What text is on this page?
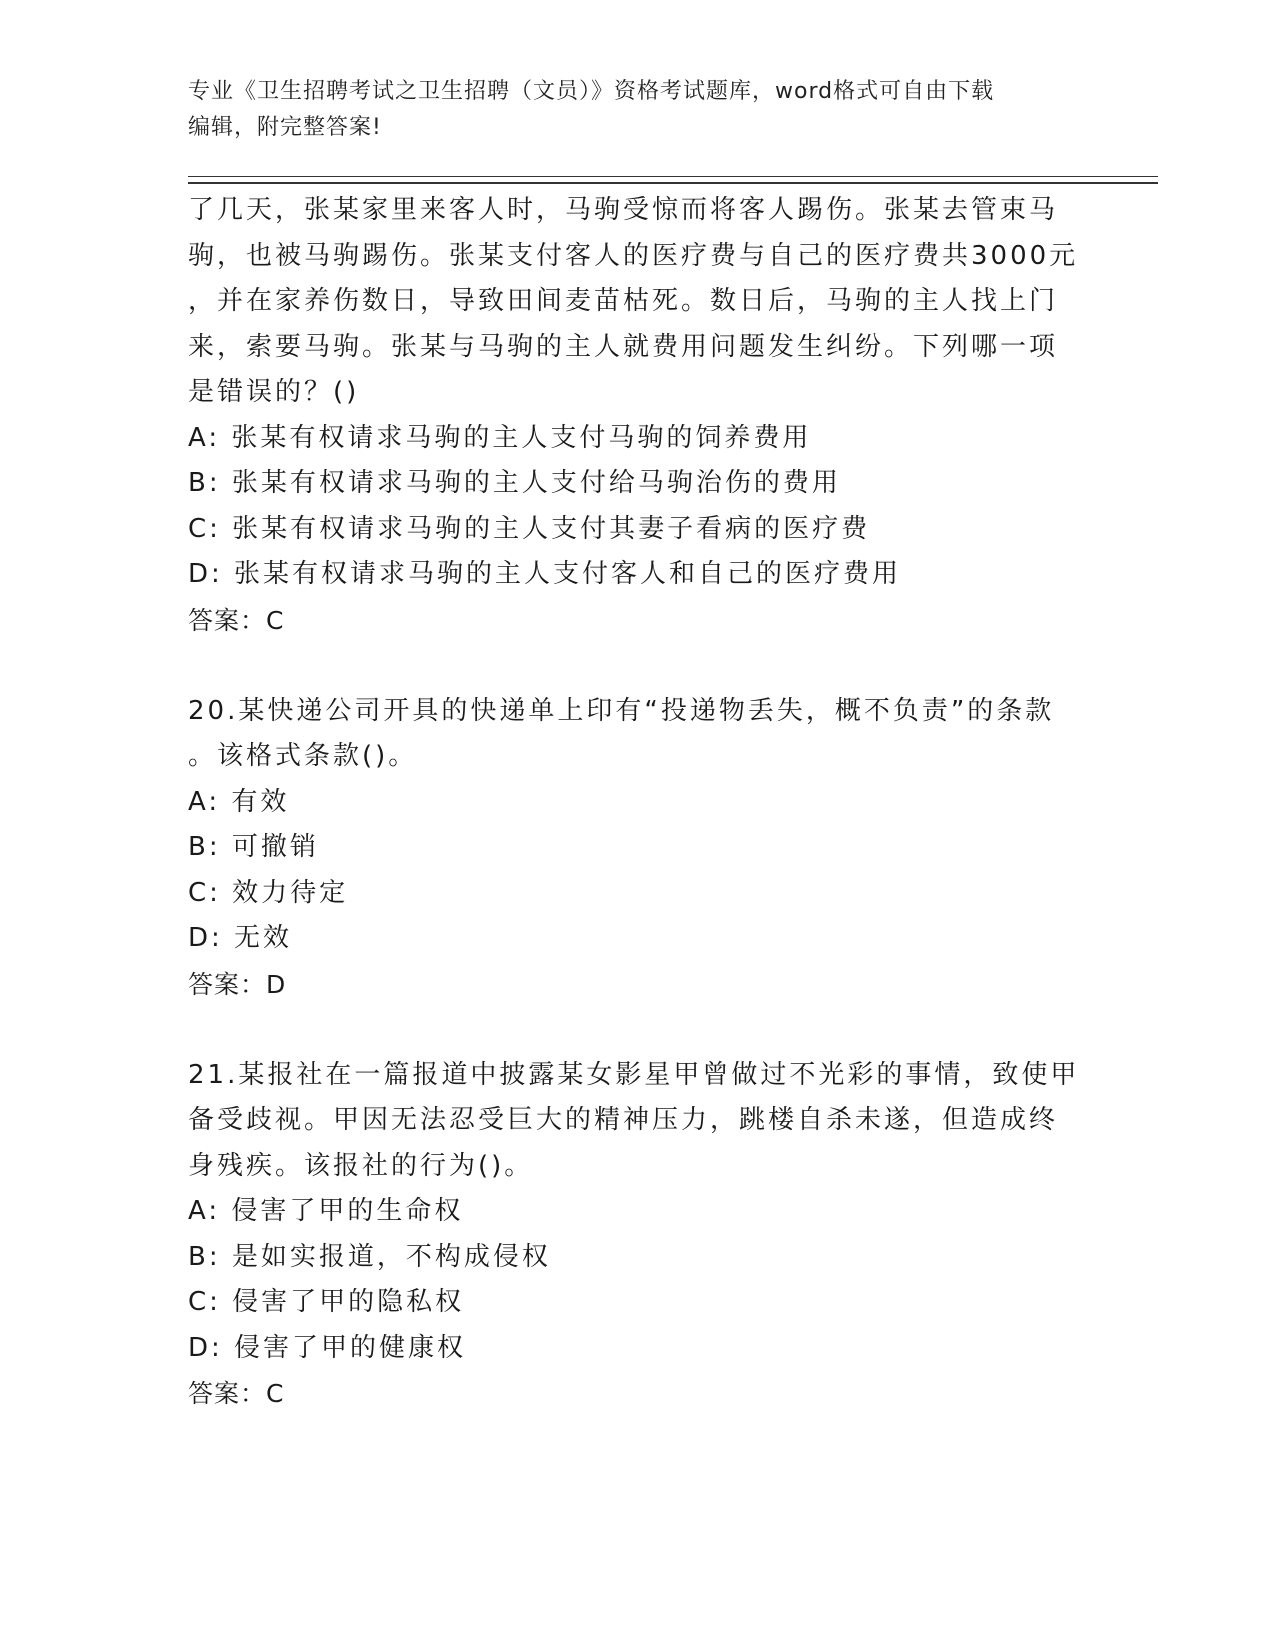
专业《卫生招聘考试之卫生招聘（文员）》资格考试题库，word格式可自由下载
编辑，附完整答案!
了几天，张某家里来客人时，马驹受惊而将客人踢伤。张某去管束马
驹，也被马驹踢伤。张某支付客人的医疗费与自己的医疗费共3000元
，并在家养伤数日，导致田间麦苗枯死。数日后，马驹的主人找上门
来，索要马驹。张某与马驹的主人就费用问题发生纠纷。下列哪一项
是错误的？()
A: 张某有权请求马驹的主人支付马驹的饲养费用
B: 张某有权请求马驹的主人支付给马驹治伤的费用
C: 张某有权请求马驹的主人支付其妻子看病的医疗费
D: 张某有权请求马驹的主人支付客人和自己的医疗费用
答案：C
20.某快递公司开具的快递单上印有“投递物丢失，概不负责”的条款
。该格式条款()。
A: 有效
B: 可撤销
C: 效力待定
D: 无效
答案：D
21.某报社在一篇报道中披露某女影星甲曾做过不光彩的事情，致使甲
备受歧视。甲因无法忍受巨大的精神压力，跳楼自杀未遂，但造成终
身残疾。该报社的行为()。
A: 侵害了甲的生命权
B: 是如实报道，不构成侵权
C: 侵害了甲的隐私权
D: 侵害了甲的健康权
答案：C
